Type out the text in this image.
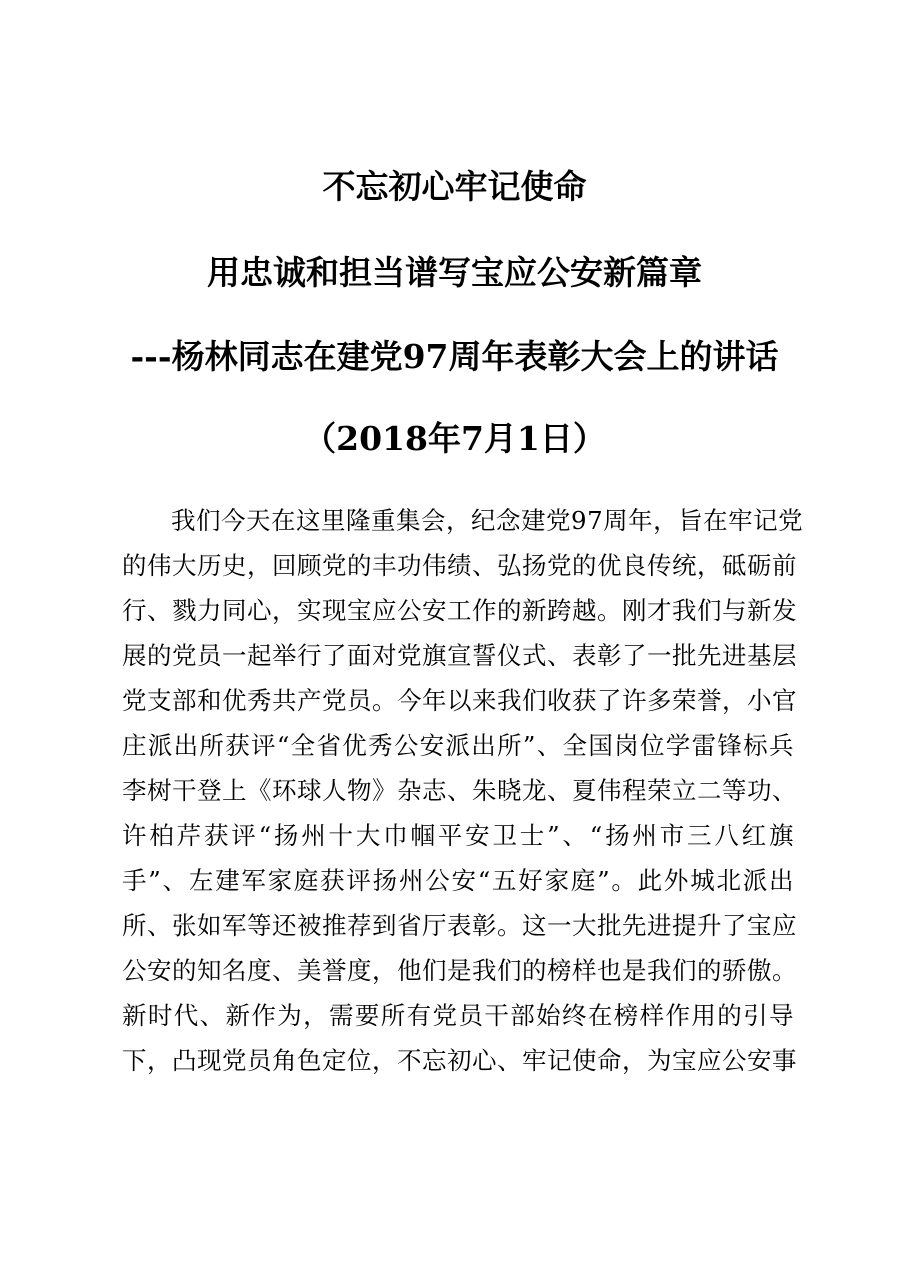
不忘初心牢记使命
用忠诚和担当谱写宝应公安新篇章
---杨林同志在建党97周年表彰大会上的讲话
（2018年7月1日）
我们今天在这里隆重集会，纪念建党97周年，旨在牢记党
的伟大历史，回顾党的丰功伟绩、弘扬党的优良传统，砥砺前
行、戮力同心，实现宝应公安工作的新跨越。刚才我们与新发
展的党员一起举行了面对党旗宣誓仪式、表彰了一批先进基层
党支部和优秀共产党员。今年以来我们收获了许多荣誉，小官
庄派出所获评“全省优秀公安派出所”、全国岗位学雷锋标兵
李树干登上《环球人物》杂志、朱晓龙、夏伟程荣立二等功、
许柏芹获评“扬州十大巾帼平安卫士”、“扬州市三八红旗
手”、左建军家庭获评扬州公安“五好家庭”。此外城北派出
所、张如军等还被推荐到省厅表彰。这一大批先进提升了宝应
公安的知名度、美誉度，他们是我们的榜样也是我们的骄傲。
新时代、新作为，需要所有党员干部始终在榜样作用的引导
下，凸现党员角色定位，不忘初心、牢记使命，为宝应公安事
